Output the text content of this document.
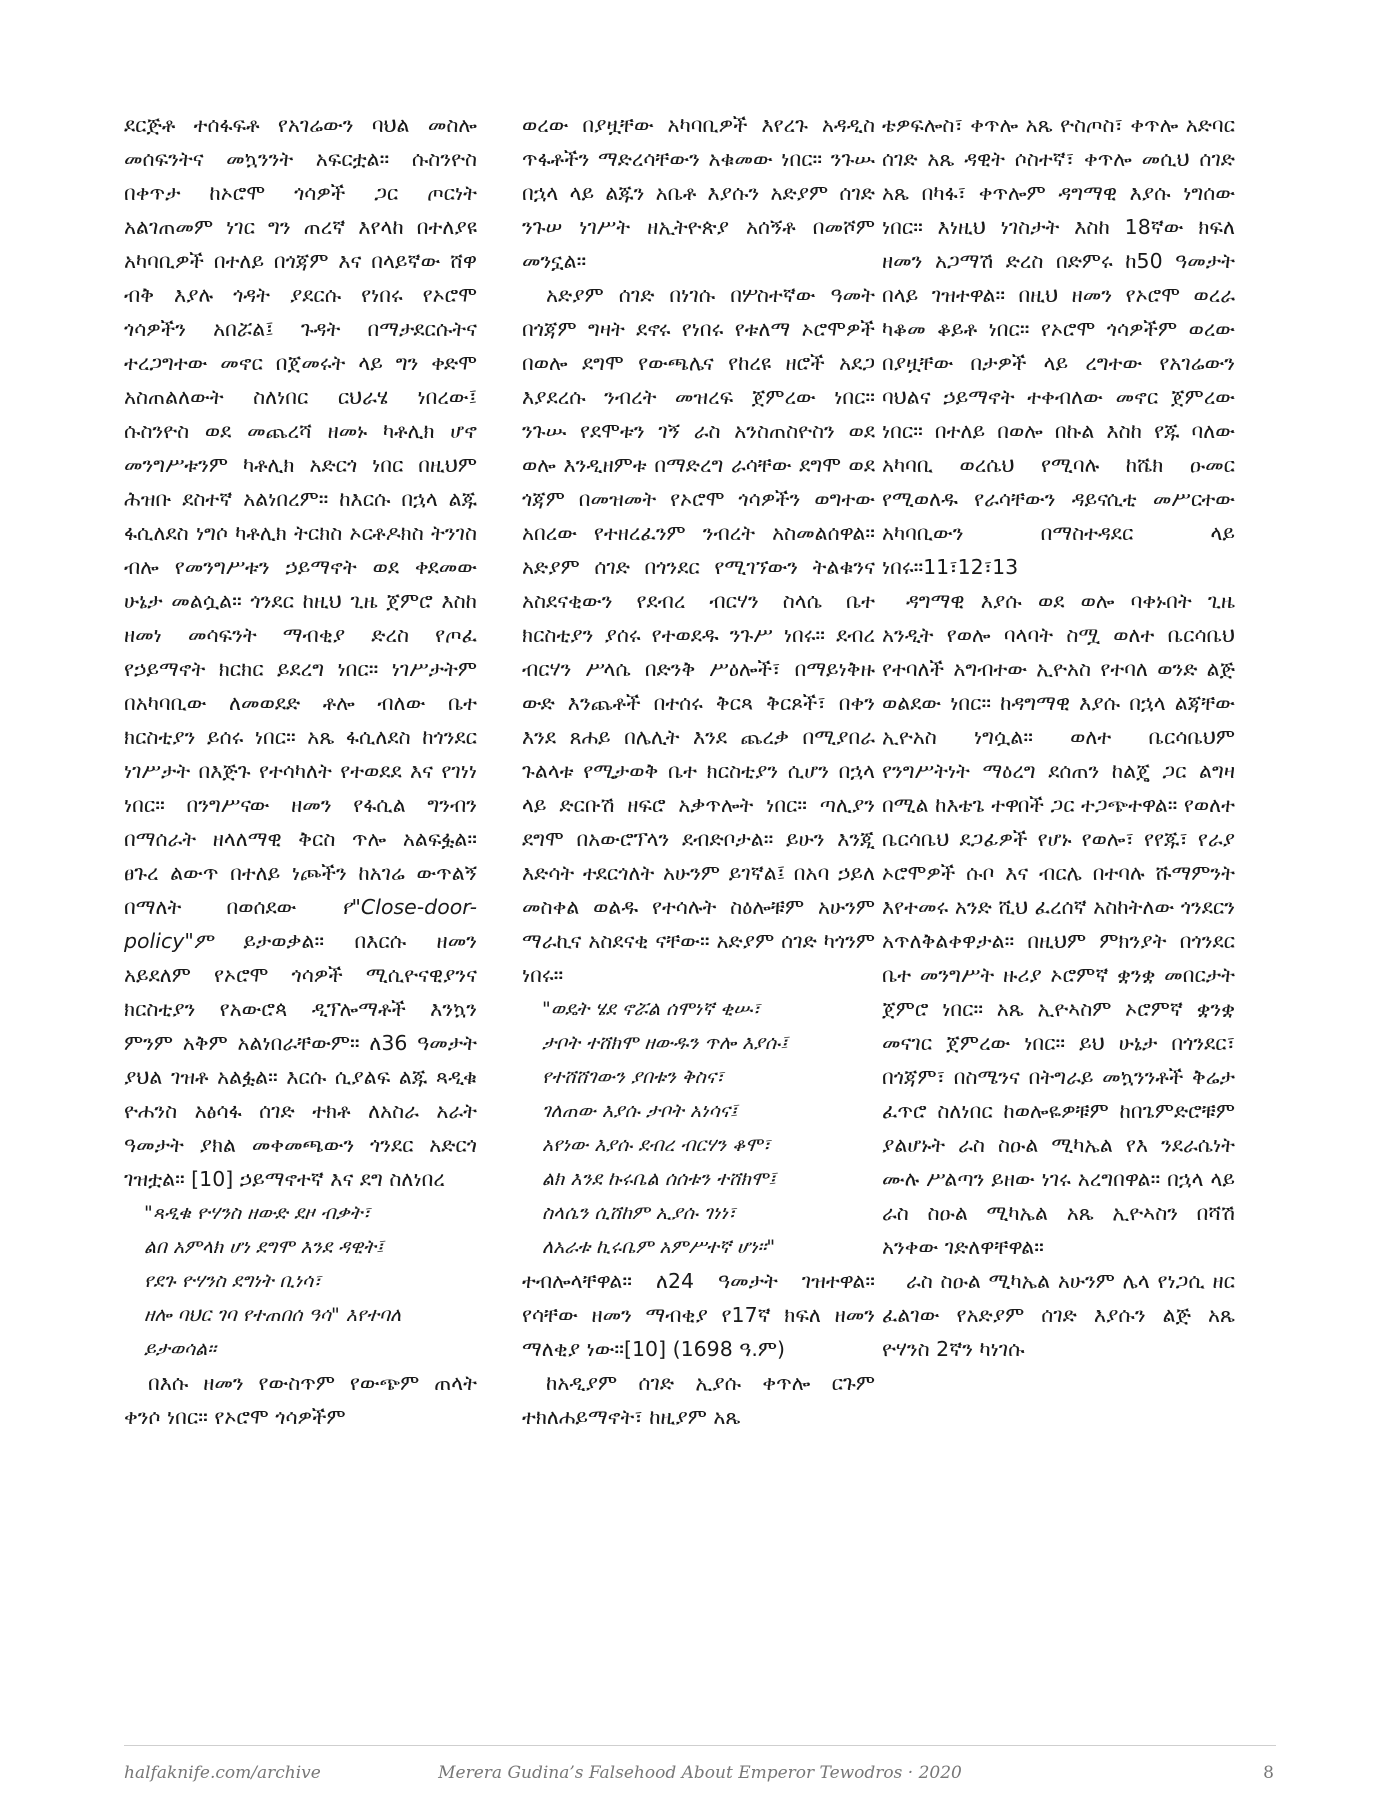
ደርጅቶ ተሰፋፍቶ የአገሬውን ባህል መስሎ መሰፍንትና መኳንንት አፍርቷል። ሱስንዮስ በቀጥታ ከኦሮሞ ጎሳዎች ጋር ጦርነት አልገጠመም ነገር ግን ጠረኛ እየላከ በተለያዩ አካባቢዎች በተለይ በጎጃም እና በላይኛው ሸዋ ብቅ እያሉ ጎዳት ያደርሱ የነበሩ የኦሮሞ ጎሳዎችን አበሯል፤ ጉዳት በማታደርሱትና ተረጋግተው መኖር በጀመሩት ላይ ግን ቀድሞ አስጠልለውት ስለነበር ርህራሄ ነበረው፤ ሱስንዮስ ወደ መጨረሻ ዘመኑ ካቶሊክ ሆኖ መንግሥቱንም ካቶሊክ አድርጎ ነበር በዚህም ሕዝቡ ደስተኛ አልነበረም። ከእርሱ በኋላ ልጁ ፋሲለደስ ነግሶ ካቶሊክ ትርክስ ኦርቶዶክስ ትንገስ ብሎ የመንግሥቱን ኃይማኖት ወደ ቀደመው ሁኔታ መልሷል። ጎንደር ከዚህ ጊዜ ጀምሮ እስከ ዘመነ መሳፍንት ማብቂያ ድረስ የጦፈ የኃይማኖት ክርክር ይደረግ ነበር። ነገሥታትም በአካባቢው ለመወደድ ቶሎ ብለው ቤተ ክርስቲያን ይሰሩ ነበር። አጼ ፋሲለደስ ከጎንደር ነገሥታት በእጅጉ የተሳካለት የተወደደ እና የገነነ ነበር። በንግሥናው ዘመን የፋሲል ግንብን በማሰራት ዘላለማዊ ቅርስ ጥሎ አልፍፏል። ፀጉረ ልውጥ በተለይ ነጮችን ከአገሬ ውጥልኝ በማለት በወሰደው የ"Close-door-policy"ም ይታወቃል። በእርሱ ዘመን አይደለም የኦሮሞ ጎሳዎች ሚሲዮናዊያንና ክርስቲያን የአውሮጳ ዲፕሎማቶች እንኳን ምንም አቅም አልነበራቸውም። ለ36 ዓመታት ያህል ገዝቶ አልፏል። እርሱ ሲያልፍ ልጁ ጻዲቁ ዮሐንስ አፅሳፋ ሰገድ ተክቶ ለአስራ አራት ዓመታት ያክል መቀመጫውን ጎንደር አድርጎ ገዝቷል። [10] ኃይማኖተኛ እና ደግ ስለነበረ

"ጻዲቁ ዮሃንስ ዘውድ ደዞ ብቃት፣
ልበ አምላክ ሆነ ደግሞ እንደ ዳዊት፤
የደጉ ዮሃንስ ደግነት ቢነሳ፣
ዘሎ ባህር ገባ የተጠበሰ ዓሳ" እየተባለ
ይታወሳል።

በእሱ ዘመን የውስጥም የውጭም ጠላት ቀንሶ ነበር። የኦሮሞ ጎሳዎችም

ወረው በያዟቸው አካባቢዎች እየረጉ አዳዲስ ጥፋቶችን ማድረሳቸውን አቁመው ነበር። ንጉሡ በኋላ ላይ ልጁን አቤቶ እያሱን አድያም ሰገድ ንጉሠ ነገሥት ዘኢትዮጵያ አሰኝቶ በመሾም መንኗል።

አድያም ሰገድ በነገሱ በሦስተኛው ዓመት በጎጃም ግዛት ደኖሩ የነበሩ የቱለማ ኦሮሞዎች በወሎ ደግሞ የውጫሌና የከረዩ ዘሮች አደጋ እያደረሱ ንብረት መዝረፍ ጀምረው ነበር። ንጉሡ የደሞቱን ገኝ ራስ አንስጠስዮስን ወደ ወሎ እንዲዘምቱ በማድረግ ራሳቸው ደግሞ ወደ ጎጃም በመዝመት የኦሮሞ ጎሳዎችን ወግተው አበረው የተዘረፈንም ንብረት አስመልሰዋል። አድያም ሰገድ በጎንደር የሚገኘውን ትልቁንና አስደናቂውን የደብረ ብርሃን ስላሴ ቤተ ክርስቲያን ያሰሩ የተወደዱ ንጉሥ ነበሩ። ደብረ ብርሃን ሥላሴ በድንቅ ሥዕሎች፣ በማይነቅዙ ውድ እንጨቶች በተሰሩ ቅርጻ ቅርጾች፣ በቀን እንደ ጸሐይ በሌሊት እንደ ጨረቃ በሚያበራ ጉልላቱ የሚታወቅ ቤተ ክርስቲያን ሲሆን በኋላ ላይ ድርቡሽ ዘፍሮ አቃጥሎት ነበር። ጣሊያን ደግሞ በአውሮፕላን ደብድቦታል። ይሁን እንጂ እድሳት ተደርጎለት አሁንም ይገኛል፤ በአባ ኃይለ መስቀል ወልዱ የተሳሉት ስዕሎቹም አሁንም ማራኪና አስደናቂ ናቸው። አድያም ሰገድ ካጎንም ነበሩ።

"ወዴት ሄደ ኖሯል ሰሞነኛ ቂሡ፣
ታቦት ተሸክሞ ዘውዱን ጥሎ እያሱ፤
የተሸሸገውን ያበቱን ቅስና፣
ገለጠው እያሱ ታቦት አነሳና፤
አየነው እያሱ ደብረ ብርሃን ቆሞ፣
ልክ እንደ ኩሩቤል ሰሰቱን ተሸክሞ፤
ስላሴን ሲሸከም ኢያሱ ገነነ፣
ለአራቱ ኪሩቤም አምሥተኛ ሆነ።"

ተብሎላቸዋል። ለ24 ዓመታት ገዝተዋል። የሳቸው ዘመን ማብቂያ የ17ኛ ክፍለ ዘመን ማለቂያ ነው።[10] (1698 ዓ.ም)

ከአዲያም ሰገድ ኢያሱ ቀጥሎ ርጉም ተክለሐይማኖት፣ ከዚያም አጼ

ቴዎፍሎስ፣ ቀጥሎ አጼ ዮስጦስ፣ ቀጥሎ አድባር ሰገድ አጼ ዳዊት ሶስተኛ፣ ቀጥሎ መሲህ ሰገድ አጼ በካፋ፣ ቀጥሎም ዳግማዊ እያሱ ነግሰው ነበር። እነዚህ ነገስታት እስከ 18ኛው ክፍለ ዘመን አጋማሽ ድረስ በድምሩ ከ50 ዓመታት በላይ ገዝተዋል። በዚህ ዘመን የኦሮሞ ወረራ ካቆመ ቆይቶ ነበር። የኦሮሞ ጎሳዎችም ወረው በያዟቸው በታዎች ላይ ረግተው የአገሬውን ባህልና ኃይማኖት ተቀብለው መኖር ጀምረው ነበር። በተለይ በወሎ በኩል እስከ የጁ ባለው አካባቢ ወረሴህ የሚባሉ ከሼክ ዑመር የሚወለዱ የራሳቸውን ዳይናሲቲ መሥርተው አካባቢውን በማስተዳደር ላይ ነበሩ።11፣12፣13

ዳግማዊ እያሱ ወደ ወሎ ባቀኑበት ጊዜ አንዲት የወሎ ባላባት ስሟ ወለተ ቤርሳቤህ የተባለች አግብተው ኢዮአስ የተባለ ወንድ ልጅ ወልደው ነበር። ከዳግማዊ እያሱ በኋላ ልጃቸው ኢዮአስ ነግሷል። ወለተ ቤርሳቤህም የንግሥትነት ማዕረግ ደሰጠን ከልጄ ጋር ልግዛ በሚል ከእቴጌ ተዋበች ጋር ተጋጭተዋል። የወለተ ቤርሳቤህ ደጋፊዎች የሆኑ የወሎ፣ የየጁ፣ የራያ ኦሮሞዎች ሱቦ እና ብርሌ በተባሉ ሹማምንት እየተመሩ አንድ ሺህ ፈረሰኛ አስከትለው ጎንደርን አጥለቅልቀዋታል። በዚህም ምክንያት በጎንደር ቤተ መንግሥት ዙሪያ ኦሮምኛ ቋንቋ መበርታት ጀምሮ ነበር። አጼ ኢዮኣስም ኦሮምኛ ቋንቋ መናገር ጀምረው ነበር። ይህ ሁኔታ በጎንደር፣ በጎጃም፣ በስሜንና በትግራይ መኳንንቶች ቅሬታ ፈጥሮ ስለነበር ከወሎዬዎቹም ከበጌምድሮቹም ያልሆኑት ራስ ስዑል ሚካኤል የእ ንደራሴነት ሙሉ ሥልጣን ይዘው ነገሩ አረግበዋል። በኋላ ላይ ራስ ስዑል ሚካኤል አጼ ኢዮኣስን በሻሽ አንቀው ገድለዋቸዋል።

ራስ ስዑል ሚካኤል አሁንም ሌላ የነጋሲ ዘር ፈልገው የአድያም ሰገድ እያሱን ልጅ አጼ ዮሃንስ 2ኛን ካነገሱ

halfaknife.com/archive	Merera Gudina’s Falsehood About Emperor Tewodros · 2020	8
